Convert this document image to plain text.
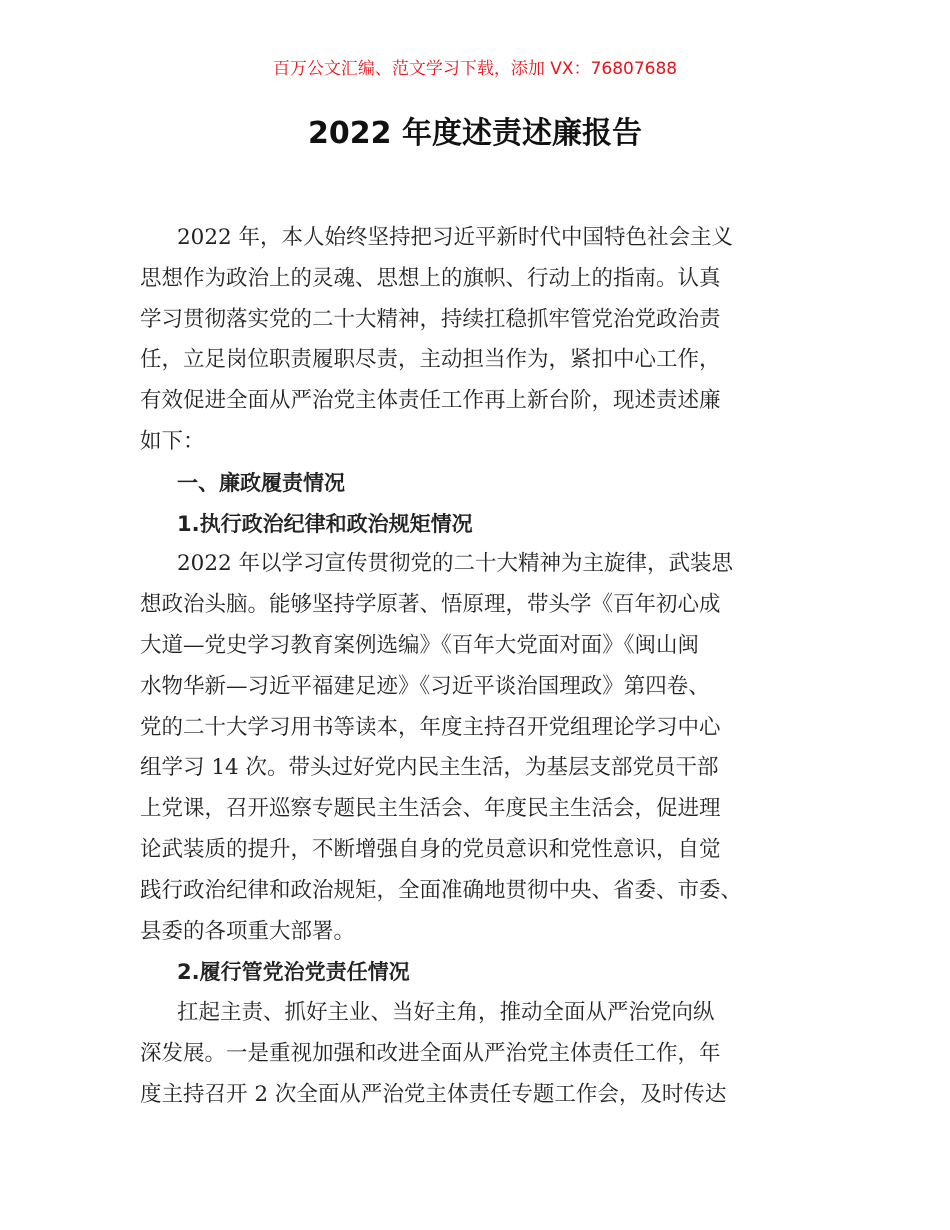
百万公文汇编、范文学习下载，添加 VX：76807688
2022 年度述责述廉报告
2022 年，本人始终坚持把习近平新时代中国特色社会主义
思想作为政治上的灵魂、思想上的旗帜、行动上的指南。认真
学习贯彻落实党的二十大精神，持续扛稳抓牢管党治党政治责
任，立足岗位职责履职尽责，主动担当作为，紧扣中心工作，
有效促进全面从严治党主体责任工作再上新台阶，现述责述廉
如下：
一、廉政履责情况
1.执行政治纪律和政治规矩情况
2022 年以学习宣传贯彻党的二十大精神为主旋律，武装思
想政治头脑。能够坚持学原著、悟原理，带头学《百年初心成
大道—党史学习教育案例选编》《百年大党面对面》《闽山闽
水物华新—习近平福建足迹》《习近平谈治国理政》第四卷、
党的二十大学习用书等读本，年度主持召开党组理论学习中心
组学习 14 次。带头过好党内民主生活，为基层支部党员干部
上党课，召开巡察专题民主生活会、年度民主生活会，促进理
论武装质的提升，不断增强自身的党员意识和党性意识，自觉
践行政治纪律和政治规矩，全面准确地贯彻中央、省委、市委、
县委的各项重大部署。
2.履行管党治党责任情况
扛起主责、抓好主业、当好主角，推动全面从严治党向纵
深发展。一是重视加强和改进全面从严治党主体责任工作，年
度主持召开 2 次全面从严治党主体责任专题工作会，及时传达
